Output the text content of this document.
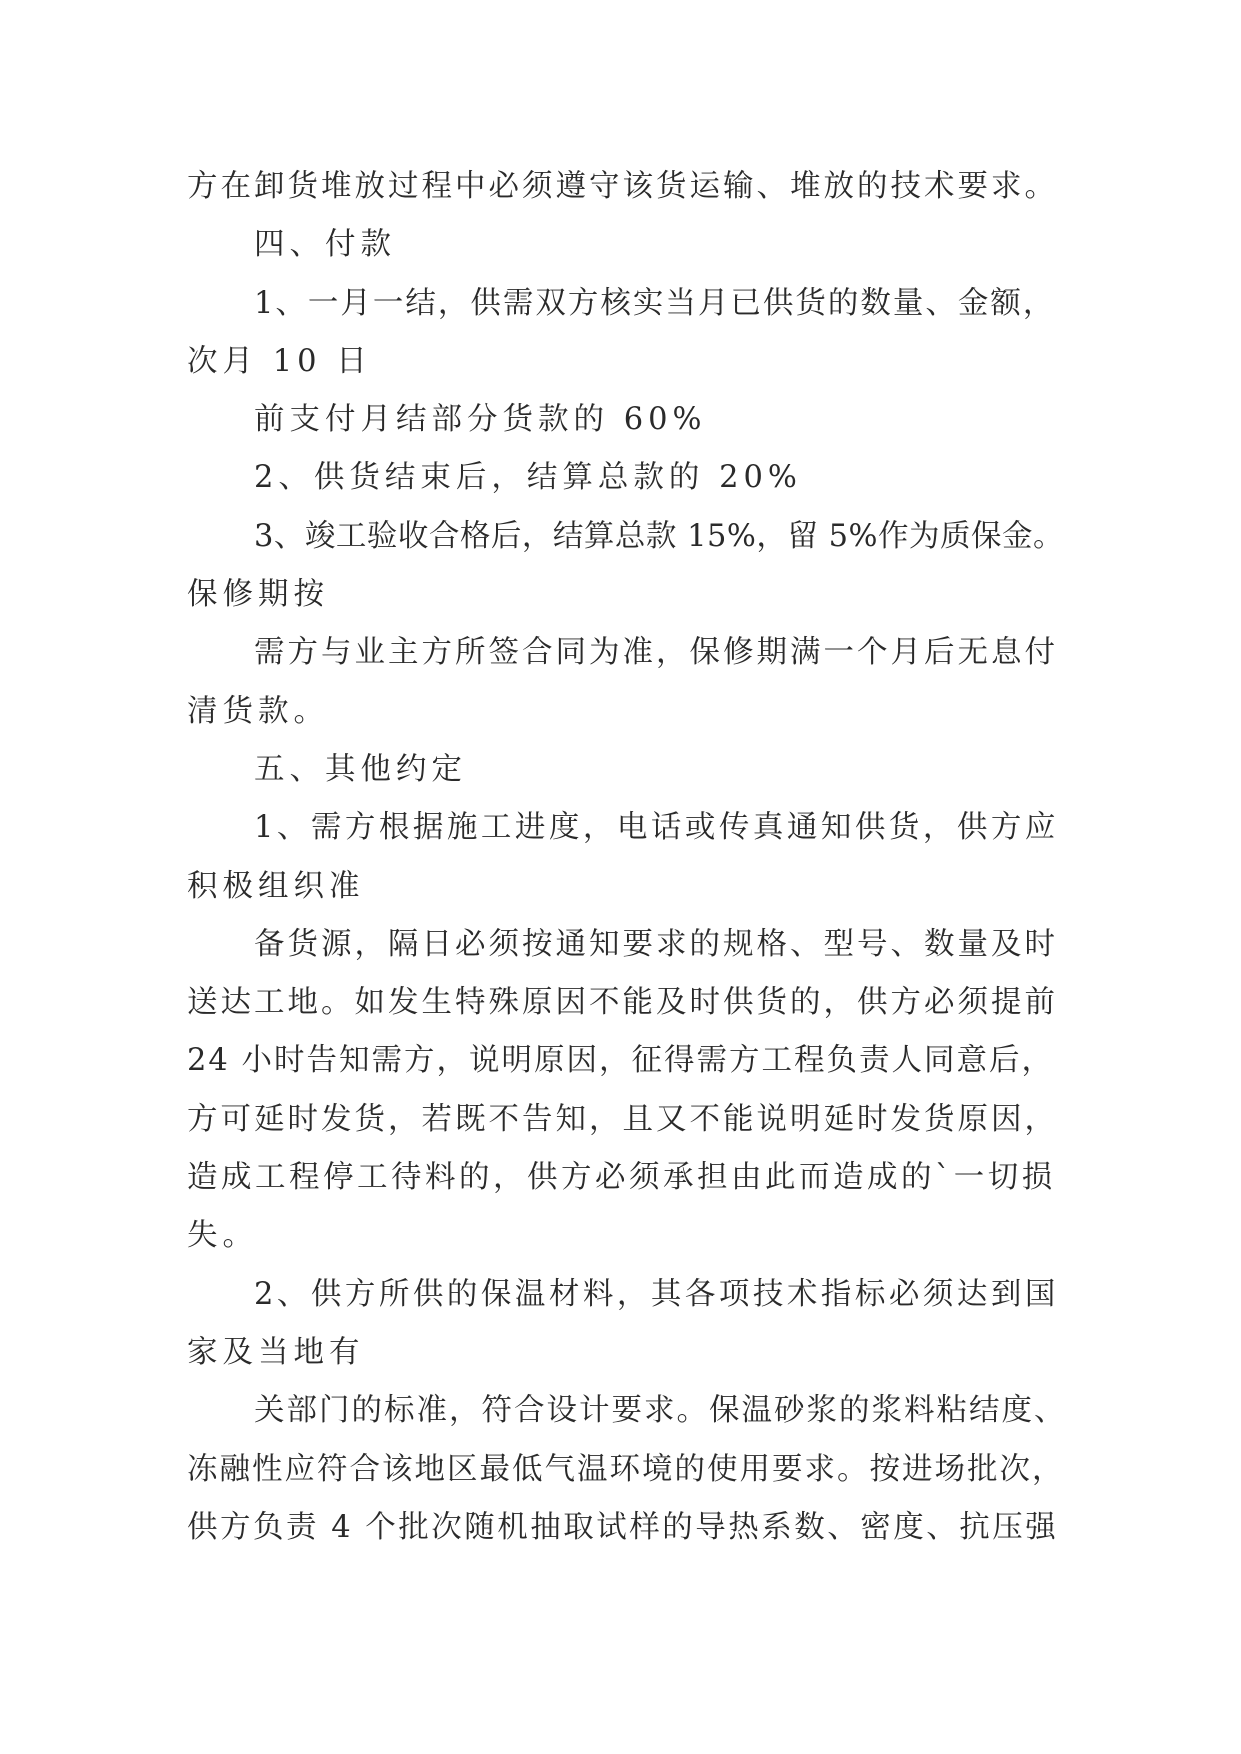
方在卸货堆放过程中必须遵守该货运输、堆放的技术要求。
四、付款
1、一月一结，供需双方核实当月已供货的数量、金额，
次月 10 日
前支付月结部分货款的 60%
2、供货结束后，结算总款的 20%
3、竣工验收合格后，结算总款 15%，留 5%作为质保金。
保修期按
需方与业主方所签合同为准，保修期满一个月后无息付
清货款。
五、其他约定
1、需方根据施工进度，电话或传真通知供货，供方应
积极组织准
备货源，隔日必须按通知要求的规格、型号、数量及时
送达工地。如发生特殊原因不能及时供货的，供方必须提前
24 小时告知需方，说明原因，征得需方工程负责人同意后，
方可延时发货，若既不告知，且又不能说明延时发货原因，
造成工程停工待料的，供方必须承担由此而造成的`一切损
失。
2、供方所供的保温材料，其各项技术指标必须达到国
家及当地有
关部门的标准，符合设计要求。保温砂浆的浆料粘结度、
冻融性应符合该地区最低气温环境的使用要求。按进场批次，
供方负责 4 个批次随机抽取试样的导热系数、密度、抗压强
